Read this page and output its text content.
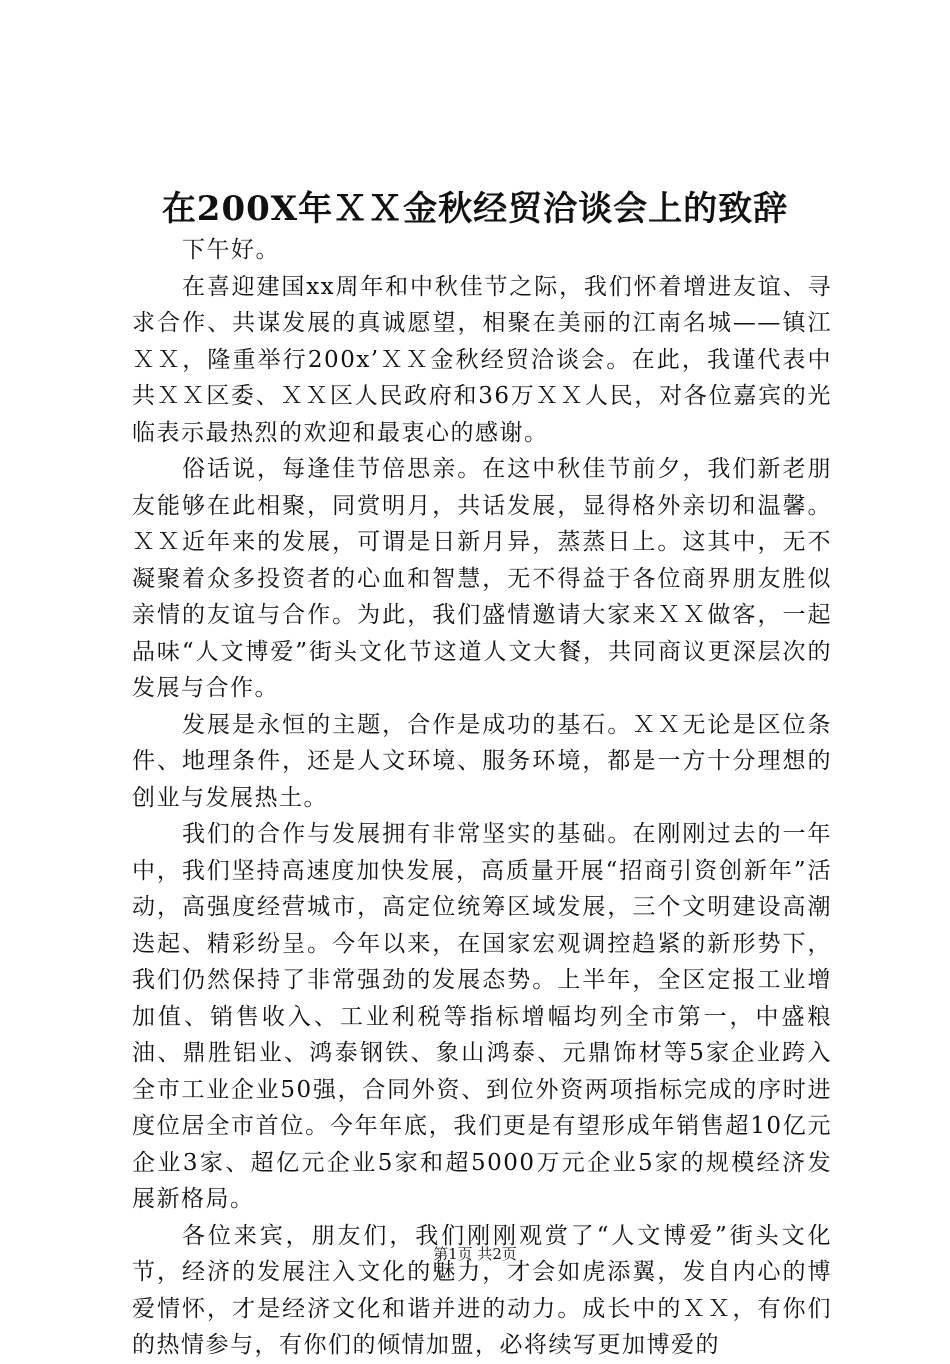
在200X年ＸＸ金秋经贸洽谈会上的致辞

下午好。

在喜迎建国xx周年和中秋佳节之际，我们怀着增进友谊、寻求合作、共谋发展的真诚愿望，相聚在美丽的江南名城——镇江ＸＸ，隆重举行200x’ＸＸ金秋经贸洽谈会。在此，我谨代表中共ＸＸ区委、ＸＸ区人民政府和36万ＸＸ人民，对各位嘉宾的光临表示最热烈的欢迎和最衷心的感谢。

俗话说，每逢佳节倍思亲。在这中秋佳节前夕，我们新老朋友能够在此相聚，同赏明月，共话发展，显得格外亲切和温馨。ＸＸ近年来的发展，可谓是日新月异，蒸蒸日上。这其中，无不凝聚着众多投资者的心血和智慧，无不得益于各位商界朋友胜似亲情的友谊与合作。为此，我们盛情邀请大家来ＸＸ做客，一起品味“人文博爱”街头文化节这道人文大餐，共同商议更深层次的发展与合作。

发展是永恒的主题，合作是成功的基石。ＸＸ无论是区位条件、地理条件，还是人文环境、服务环境，都是一方十分理想的创业与发展热土。

我们的合作与发展拥有非常坚实的基础。在刚刚过去的一年中，我们坚持高速度加快发展，高质量开展“招商引资创新年”活动，高强度经营城市，高定位统筹区域发展，三个文明建设高潮迭起、精彩纷呈。今年以来，在国家宏观调控趋紧的新形势下，我们仍然保持了非常强劲的发展态势。上半年，全区定报工业增加值、销售收入、工业利税等指标增幅均列全市第一，中盛粮油、鼎胜铝业、鸿泰钢铁、象山鸿泰、元鼎饰材等5家企业跨入全市工业企业50强，合同外资、到位外资两项指标完成的序时进度位居全市首位。今年年底，我们更是有望形成年销售超10亿元企业3家、超亿元企业5家和超5000万元企业5家的规模经济发展新格局。

各位来宾，朋友们，我们刚刚观赏了“人文博爱”街头文化节，经济的发展注入文化的魅力，才会如虎添翼，发自内心的博爱情怀，才是经济文化和谐并进的动力。成长中的ＸＸ，有你们的热情参与，有你们的倾情加盟，必将续写更加博爱的

第1页 共2页
